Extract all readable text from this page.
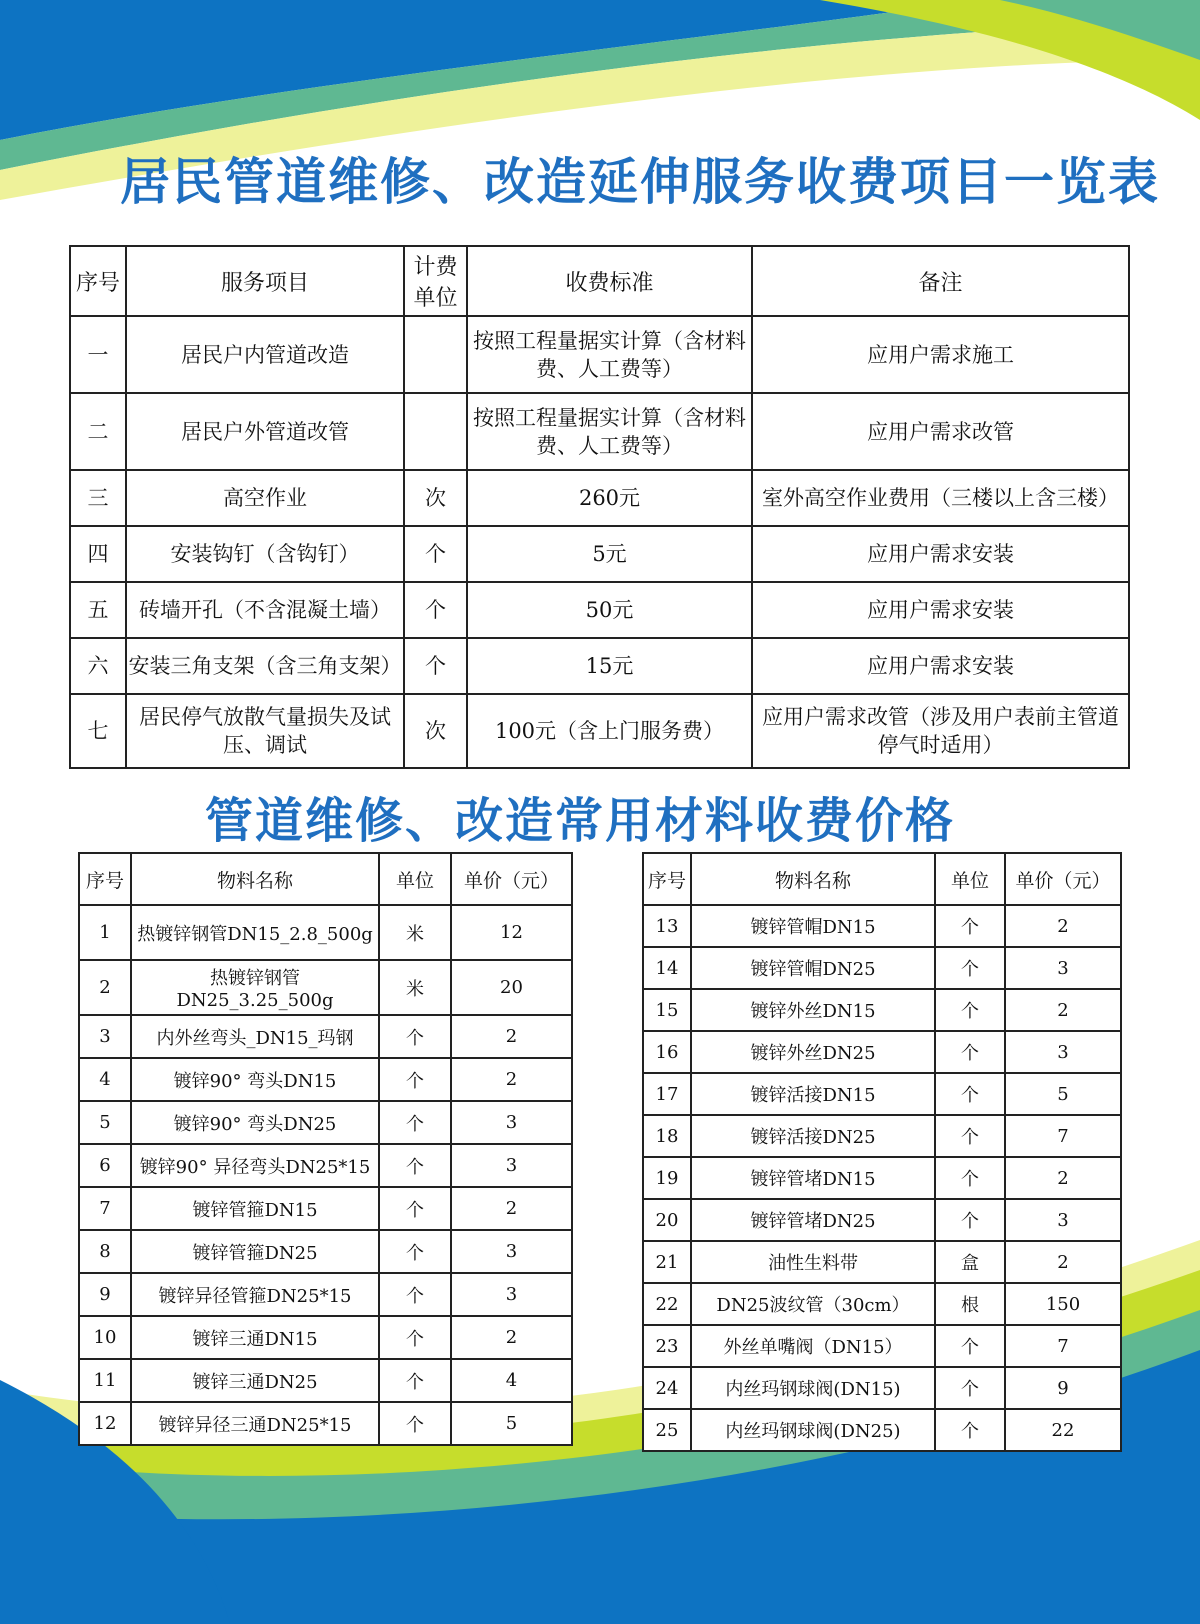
居民管道维修、改造延伸服务收费项目一览表
序号	服务项目	计费单位	收费标准	备注
一	居民户内管道改造		按照工程量据实计算（含材料费、人工费等）	应用户需求施工
二	居民户外管道改管		按照工程量据实计算（含材料费、人工费等）	应用户需求改管
三	高空作业	次	260元	室外高空作业费用（三楼以上含三楼）
四	安装钩钉（含钩钉）	个	5元	应用户需求安装
五	砖墙开孔（不含混凝土墙）	个	50元	应用户需求安装
六	安装三角支架（含三角支架）	个	15元	应用户需求安装
七	居民停气放散气量损失及试压、调试	次	100元（含上门服务费）	应用户需求改管（涉及用户表前主管道停气时适用）
管道维修、改造常用材料收费价格
序号	物料名称	单位	单价（元）
1	热镀锌钢管DN15_2.8_500g	米	12
2	热镀锌钢管DN25_3.25_500g	米	20
3	内外丝弯头_DN15_玛钢	个	2
4	镀锌90° 弯头DN15	个	2
5	镀锌90° 弯头DN25	个	3
6	镀锌90° 异径弯头DN25*15	个	3
7	镀锌管箍DN15	个	2
8	镀锌管箍DN25	个	3
9	镀锌异径管箍DN25*15	个	3
10	镀锌三通DN15	个	2
11	镀锌三通DN25	个	4
12	镀锌异径三通DN25*15	个	5
序号	物料名称	单位	单价（元）
13	镀锌管帽DN15	个	2
14	镀锌管帽DN25	个	3
15	镀锌外丝DN15	个	2
16	镀锌外丝DN25	个	3
17	镀锌活接DN15	个	5
18	镀锌活接DN25	个	7
19	镀锌管堵DN15	个	2
20	镀锌管堵DN25	个	3
21	油性生料带	盒	2
22	DN25波纹管（30cm）	根	150
23	外丝单嘴阀（DN15）	个	7
24	内丝玛钢球阀(DN15)	个	9
25	内丝玛钢球阀(DN25)	个	22
